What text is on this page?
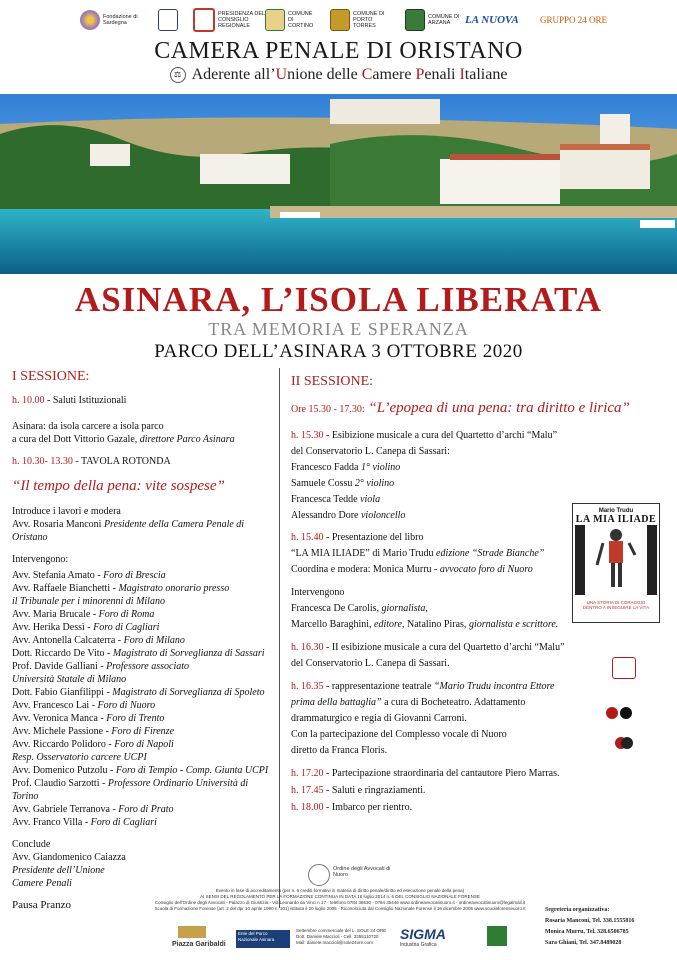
Fondazione di Sardegna
PRESIDENZA DEL CONSIGLIO REGIONALE
COMUNE DI CORTINO
COMUNE DI PORTO TORRES
COMUNE DI ARZANA	LA NUOVA GRUPPO 24 ORE
CAMERA PENALE DI ORISTANO
⚖ Aderente all’Unione delle Camere Penali Italiane
ASINARA, L’ISOLA LIBERATA
TRA MEMORIA E SPERANZA
PARCO DELL’ASINARA 3 OTTOBRE 2020

I SESSIONE:

h. 10.00 - Saluti Istituzionali

Asinara: da isola carcere a isola parco

a cura del Dott Vittorio Gazale, direttore Parco Asinara

h. 10.30- 13.30 - TAVOLA ROTONDA

“Il tempo della pena: vite sospese”

Introduce i lavori e modera

Avv. Rosaria Manconi Presidente della Camera Penale di Oristano

Intervengono:

Avv. Stefania Amato - Foro di Brescia

Avv. Raffaele Bianchetti - Magistrato onorario presso

il Tribunale per i minorenni di Milano

Avv. Maria Brucale - Foro di Roma

Avv. Herika Dessì - Foro di Cagliari

Avv. Antonella Calcaterra - Foro di Milano

Dott. Riccardo De Vito - Magistrato di Sorveglianza di Sassari

Prof. Davide Galliani - Professore associato

Università Statale di Milano

Dott. Fabio Gianfilippi - Magistrato di Sorveglianza di Spoleto

Avv. Francesco Lai - Foro di Nuoro

Avv. Veronica Manca - Foro di Trento

Avv. Michele Passione - Foro di Firenze

Avv. Riccardo Polidoro - Foro di Napoli

Resp. Osservatorio carcere UCPI

Avv. Domenico Putzolu - Foro di Tempio - Comp. Giunta UCPI

Prof. Claudio Sarzotti - Professore Ordinario Università di Torino

Avv. Gabriele Terranova - Foro di Prato

Avv. Franco Villa - Foro di Cagliari

Conclude

Avv. Giandomenico Caiazza

Presidente dell’Unione

Camere Penali

Pausa Pranzo

II SESSIONE:

Ore 15.30 - 17.30: “L’epopea di una pena: tra diritto e lirica”

h. 15.30 - Esibizione musicale a cura del Quartetto d’archi “Malu”

del Conservatorio L. Canepa di Sassari:

Francesco Fadda 1° violino

Samuele Cossu 2° violino

Francesca Tedde viola

Alessandro Dore violoncello

h. 15.40 - Presentazione del libro

“LA MIA ILIADE” di Mario Trudu edizione “Strade Bianche”

Coordina e modera: Monica Murru - avvocato foro di Nuoro

Intervengono

Francesca De Carolis, giornalista,

Marcello Baraghini, editore, Natalino Piras, giornalista e scrittore.

h. 16.30 - II esibizione musicale a cura del Quartetto d’archi “Malu”

del Conservatorio L. Canepa di Sassari.

h. 16.35 - rappresentazione teatrale “Mario Trudu incontra Ettore

prima della battaglia” a cura di Bocheteatro. Adattamento

drammaturgico e regia di Giovanni Carroni.

Con la partecipazione del Complesso vocale di Nuoro

diretto da Franca Floris.

h. 17.20 - Partecipazione straordinaria del cantautore Piero Marras.

h. 17.45 - Saluti e ringraziamenti.

h. 18.00 - Imbarco per rientro.

Mario Trudu
LA MIA ILIADE
UNA STORIA DI CORAGGIO DENTRO A INSEGUIRE LA VITA
Ordine degli Avvocati di Nuoro
Evento in fase di accreditamento (per n. 6 crediti formativi in materia di diritto penale/diritto ed esecuzione penale della pena)
AI SENSI DEL REGOLAMENTO PER LA FORMAZIONE CONTINUA IN DATA 16 luglio 2014 n. 6 DEL CONSIGLIO NAZIONALE FORENSE
Consiglio dell’Ordine degli Avvocati - Palazzo di Giustizia - Via Leonardo da Vinci n 17 - telefono 0784 38630 - 0784 35446 www.ordineavvocatinuoro.it - ordineavvocatinuoro@legalmail.it
Scuola di Formazione Forense (art. 2 del dpr 10 aprile 1990 n. 101) istituita il 20 luglio 2005 - Riconosciuta dal Consiglio Nazionale Forense il 16 dicembre 2005 www.scuolaforenseuoro.it
Piazza Garibaldi
Ente del Parco Nazionale Asinara
Settembre commerciale del L. SOLE 24 ORE
Dott. Daniele Maccioli - Cell. 3355110720
Mail: daniele.maccioli@sole24ore.com
SIGMA
Industria Grafica
Segreteria organizzativa:
Rosaria Manconi, Tel. 338.1555816
Monica Murru, Tel. 328.6506785
Sara Ghiani, Tel. 347.8489028
